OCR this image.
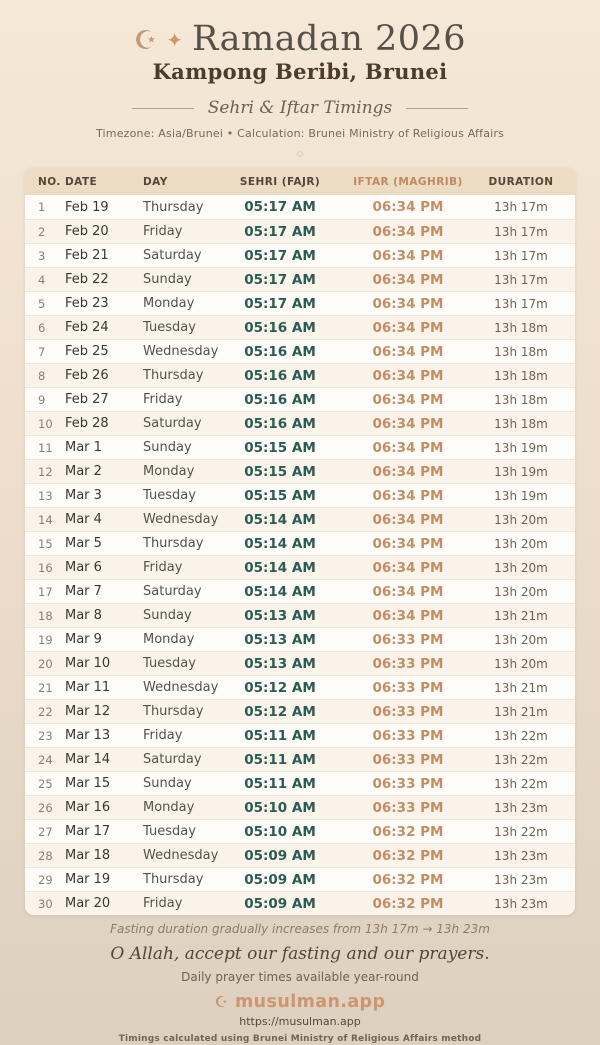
☪ ✦ Ramadan 2026
Kampong Beribi, Brunei
Sehri & Iftar Timings
Timezone: Asia/Brunei • Calculation: Brunei Ministry of Religious Affairs
◇
NO. DATE	DAY	SEHRI (FAJR)	IFTAR (MAGHRIB)	DURATION
1	Feb 19	Thursday	05:17 AM	06:34 PM	13h 17m
2	Feb 20	Friday	05:17 AM	06:34 PM	13h 17m
3	Feb 21	Saturday	05:17 AM	06:34 PM	13h 17m
4	Feb 22	Sunday	05:17 AM	06:34 PM	13h 17m
5	Feb 23	Monday	05:17 AM	06:34 PM	13h 17m
6	Feb 24	Tuesday	05:16 AM	06:34 PM	13h 18m
7	Feb 25	Wednesday	05:16 AM	06:34 PM	13h 18m
8	Feb 26	Thursday	05:16 AM	06:34 PM	13h 18m
9	Feb 27	Friday	05:16 AM	06:34 PM	13h 18m
10 Feb 28	Saturday	05:16 AM	06:34 PM	13h 18m
11 Mar 1	Sunday	05:15 AM	06:34 PM	13h 19m
12 Mar 2	Monday	05:15 AM	06:34 PM	13h 19m
13 Mar 3	Tuesday	05:15 AM	06:34 PM	13h 19m
14 Mar 4	Wednesday	05:14 AM	06:34 PM	13h 20m
15 Mar 5	Thursday	05:14 AM	06:34 PM	13h 20m
16 Mar 6	Friday	05:14 AM	06:34 PM	13h 20m
17 Mar 7	Saturday	05:14 AM	06:34 PM	13h 20m
18 Mar 8	Sunday	05:13 AM	06:34 PM	13h 21m
19 Mar 9	Monday	05:13 AM	06:33 PM	13h 20m
20 Mar 10	Tuesday	05:13 AM	06:33 PM	13h 20m
21 Mar 11	Wednesday	05:12 AM	06:33 PM	13h 21m
22 Mar 12	Thursday	05:12 AM	06:33 PM	13h 21m
23 Mar 13	Friday	05:11 AM	06:33 PM	13h 22m
24 Mar 14	Saturday	05:11 AM	06:33 PM	13h 22m
25 Mar 15	Sunday	05:11 AM	06:33 PM	13h 22m
26 Mar 16	Monday	05:10 AM	06:33 PM	13h 23m
27 Mar 17	Tuesday	05:10 AM	06:32 PM	13h 22m
28 Mar 18	Wednesday	05:09 AM	06:32 PM	13h 23m
29 Mar 19	Thursday	05:09 AM	06:32 PM	13h 23m
30 Mar 20	Friday	05:09 AM	06:32 PM	13h 23m
Fasting duration gradually increases from 13h 17m → 13h 23m
O Allah, accept our fasting and our prayers.
Daily prayer times available year-round
☪ musulman.app
https://musulman.app
Timings calculated using Brunei Ministry of Religious Affairs method
